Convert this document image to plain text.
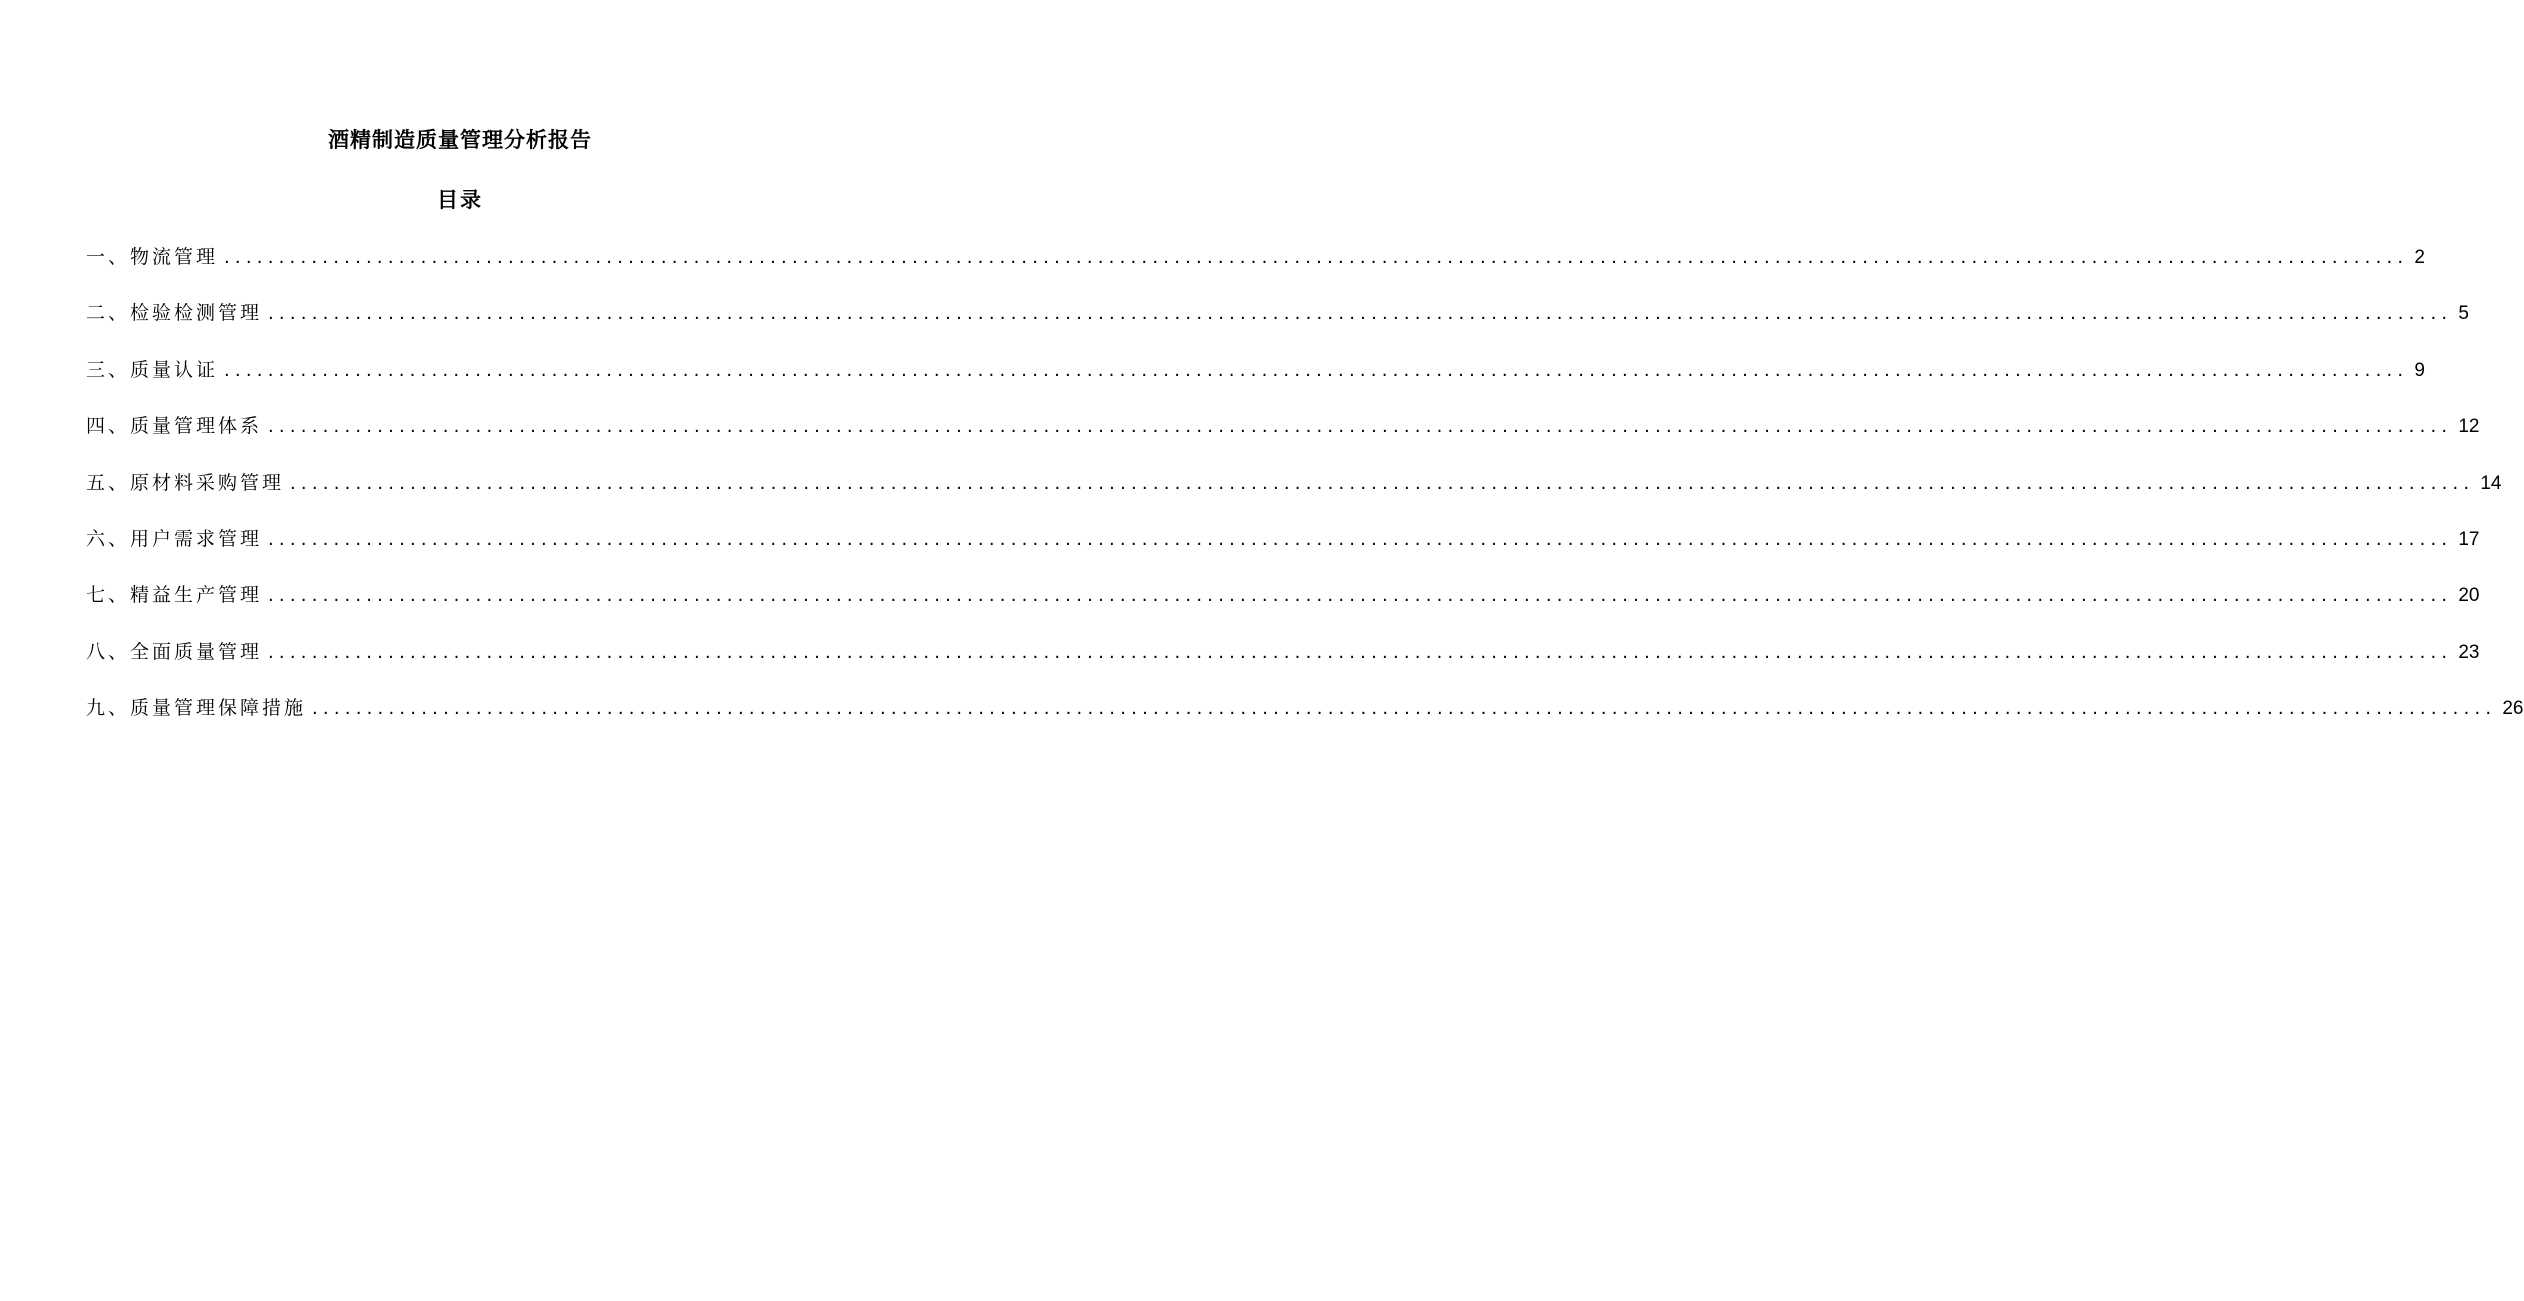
酒精制造质量管理分析报告
目录
一、物流管理 ........................................................................................................................................................................................................ 2
二、检验检测管理 ........................................................................................................................................................................................................ 5
三、质量认证 ........................................................................................................................................................................................................ 9
四、质量管理体系 ........................................................................................................................................................................................................ 12
五、原材料采购管理 ........................................................................................................................................................................................................ 14
六、用户需求管理 ........................................................................................................................................................................................................ 17
七、精益生产管理 ........................................................................................................................................................................................................ 20
八、全面质量管理 ........................................................................................................................................................................................................ 23
九、质量管理保障措施 ........................................................................................................................................................................................................ 26
